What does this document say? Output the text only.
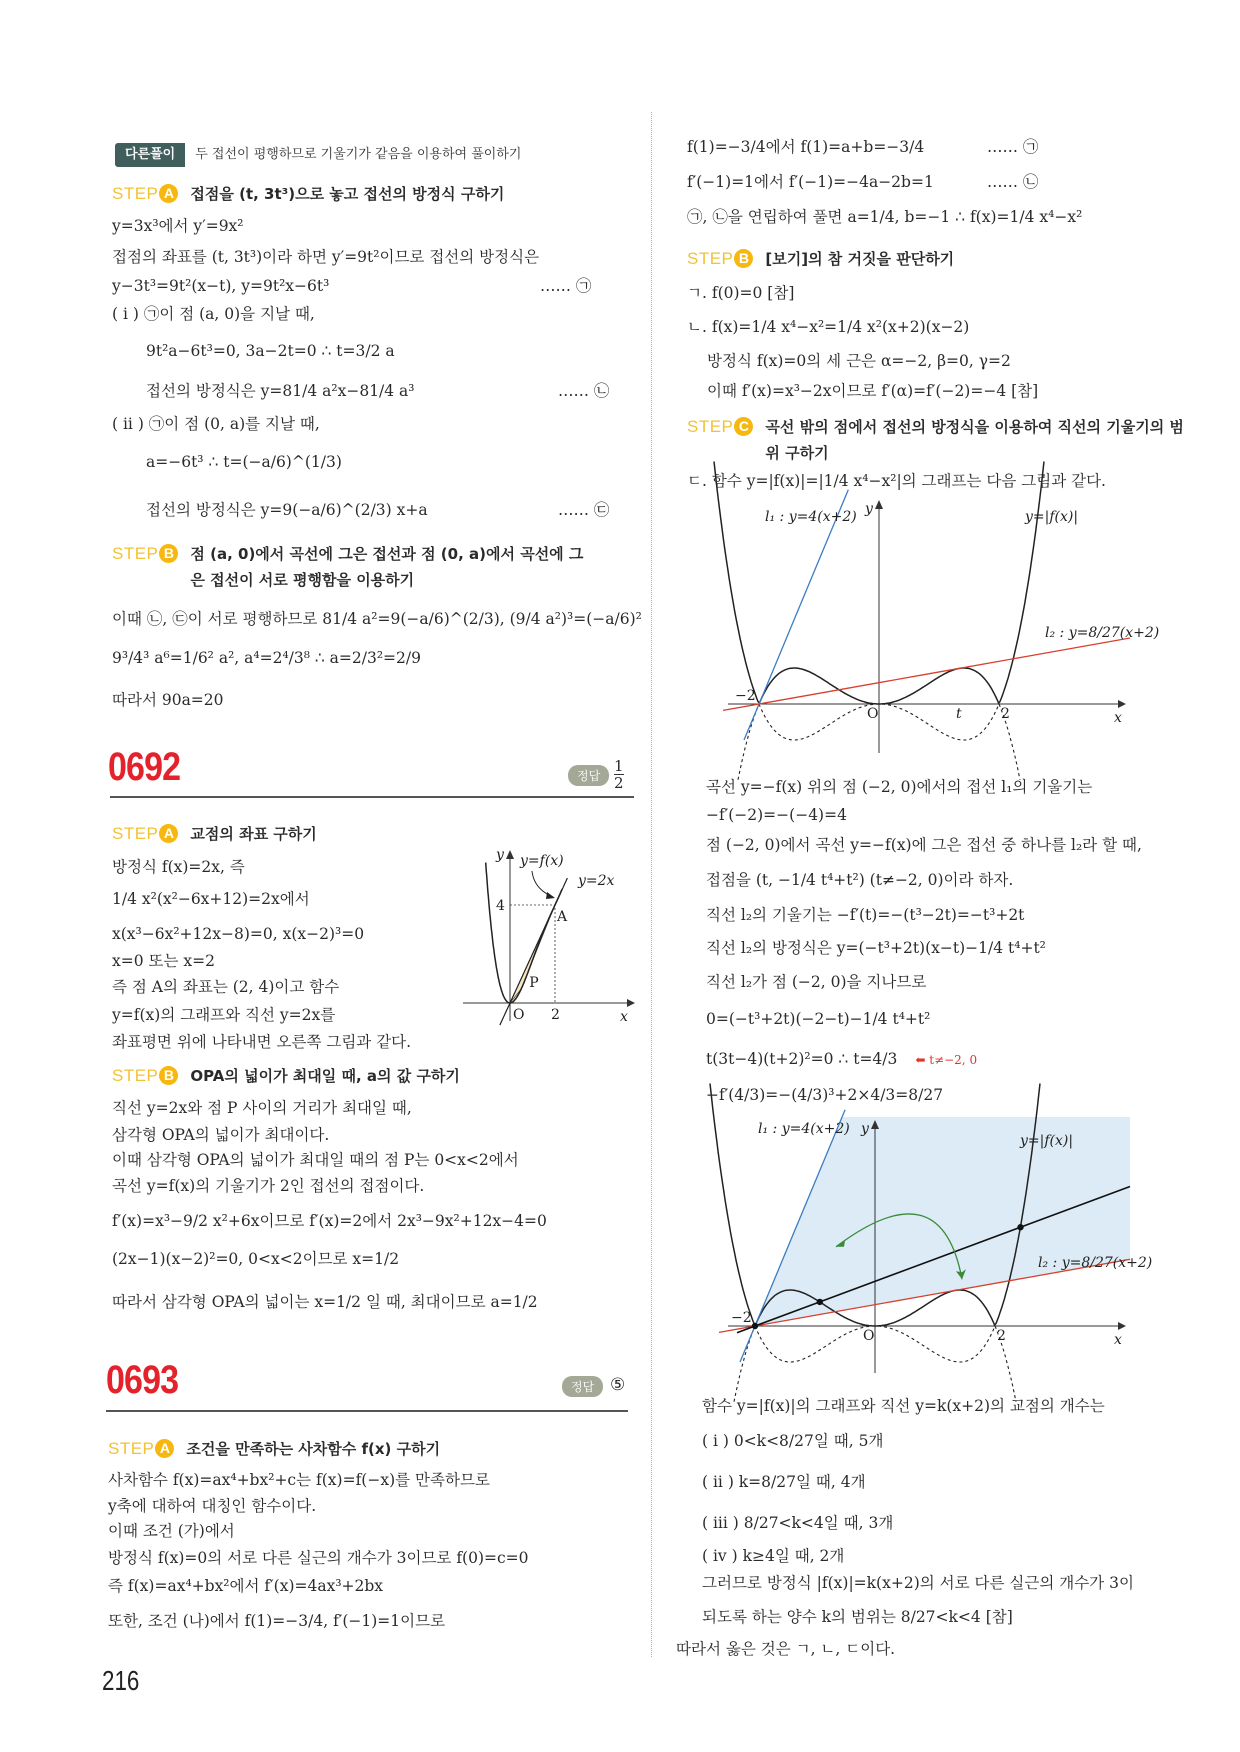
0692	정답 $\frac{1}{2}$
0693	정답 ⑤
216
y
x
y=f(x)
y=2x
4
2
O
A
P
x
y
−2
O	2
t
l₁ : y=4(x+2)	y=|f(x)|
l₂ : y=8/27(x+2)
x
y
−2
O	2
l₁ : y=4(x+2)
y=|f(x)|
l₂ : y=8/27(x+2)
다른풀이 두 접선이 평행하므로 기울기가 같음을 이용하여 풀이하기
STEP A 접점을 (t, 3t³)으로 놓고 접선의 방정식 구하기
y=3x³에서 y′=9x²
접점의 좌표를 (t, 3t³)이라 하면 y′=9t²이므로 접선의 방정식은
y−3t³=9t²(x−t), y=9t²x−6t³	…… ㉠
( i ) ㉠이 점 (a, 0)을 지날 때,
9t²a−6t³=0, 3a−2t=0 ∴ t=3/2 a
접선의 방정식은 y=81/4 a²x−81/4 a³	…… ㉡
( ii ) ㉠이 점 (0, a)를 지날 때,
a=−6t³ ∴ t=(−a/6)^(1/3)
접선의 방정식은 y=9(−a/6)^(2/3) x+a	…… ㉢
STEP B 점 (a, 0)에서 곡선에 그은 접선과 점 (0, a)에서 곡선에 그은 접선이 서로 평행함을 이용하기
이때 ㉡, ㉢이 서로 평행하므로 81/4 a²=9(−a/6)^(2/3), (9/4 a²)³=(−a/6)²
9³/4³ a⁶=1/6² a², a⁴=2⁴/3⁸ ∴ a=2/3²=2/9
따라서 90a=20
STEP A 교점의 좌표 구하기
방정식 f(x)=2x, 즉
1/4 x²(x²−6x+12)=2x에서
x(x³−6x²+12x−8)=0, x(x−2)³=0
x=0 또는 x=2
즉 점 A의 좌표는 (2, 4)이고 함수
y=f(x)의 그래프와 직선 y=2x를
좌표평면 위에 나타내면 오른쪽 그림과 같다.
STEP B OPA의 넓이가 최대일 때, a의 값 구하기
직선 y=2x와 점 P 사이의 거리가 최대일 때,
삼각형 OPA의 넓이가 최대이다.
이때 삼각형 OPA의 넓이가 최대일 때의 점 P는 0<x<2에서
곡선 y=f(x)의 기울기가 2인 접선의 접점이다.
f′(x)=x³−9/2 x²+6x이므로 f′(x)=2에서 2x³−9x²+12x−4=0
(2x−1)(x−2)²=0, 0<x<2이므로 x=1/2
따라서 삼각형 OPA의 넓이는 x=1/2 일 때, 최대이므로 a=1/2
STEP A 조건을 만족하는 사차함수 f(x) 구하기
사차함수 f(x)=ax⁴+bx²+c는 f(x)=f(−x)를 만족하므로
y축에 대하여 대칭인 함수이다.
이때 조건 (가)에서
방정식 f(x)=0의 서로 다른 실근의 개수가 3이므로 f(0)=c=0
즉 f(x)=ax⁴+bx²에서 f′(x)=4ax³+2bx
또한, 조건 (나)에서 f(1)=−3/4, f′(−1)=1이므로
f(1)=−3/4에서 f(1)=a+b=−3/4	…… ㉠
f′(−1)=1에서 f′(−1)=−4a−2b=1	…… ㉡
㉠, ㉡을 연립하여 풀면 a=1/4, b=−1 ∴ f(x)=1/4 x⁴−x²
STEP B [보기]의 참 거짓을 판단하기
ㄱ. f(0)=0 [참]
ㄴ. f(x)=1/4 x⁴−x²=1/4 x²(x+2)(x−2)
방정식 f(x)=0의 세 근은 α=−2, β=0, γ=2
이때 f′(x)=x³−2x이므로 f′(α)=f′(−2)=−4 [참]
STEP C 곡선 밖의 점에서 접선의 방정식을 이용하여 직선의 기울기의 범위 구하기
ㄷ. 함수 y=|f(x)|=|1/4 x⁴−x²|의 그래프는 다음 그림과 같다.
곡선 y=−f(x) 위의 점 (−2, 0)에서의 접선 l₁의 기울기는
−f′(−2)=−(−4)=4
점 (−2, 0)에서 곡선 y=−f(x)에 그은 접선 중 하나를 l₂라 할 때,
접점을 (t, −1/4 t⁴+t²) (t≠−2, 0)이라 하자.
직선 l₂의 기울기는 −f′(t)=−(t³−2t)=−t³+2t
직선 l₂의 방정식은 y=(−t³+2t)(x−t)−1/4 t⁴+t²
직선 l₂가 점 (−2, 0)을 지나므로
0=(−t³+2t)(−2−t)−1/4 t⁴+t²
t(3t−4)(t+2)²=0 ∴ t=4/3 ⬅ t≠−2, 0
−f′(4/3)=−(4/3)³+2×4/3=8/27
함수 y=|f(x)|의 그래프와 직선 y=k(x+2)의 교점의 개수는
( i ) 0<k<8/27일 때, 5개
( ii ) k=8/27일 때, 4개
( iii ) 8/27<k<4일 때, 3개
( iv ) k≥4일 때, 2개
그러므로 방정식 |f(x)|=k(x+2)의 서로 다른 실근의 개수가 3이
되도록 하는 양수 k의 범위는 8/27<k<4 [참]
따라서 옳은 것은 ㄱ, ㄴ, ㄷ이다.
